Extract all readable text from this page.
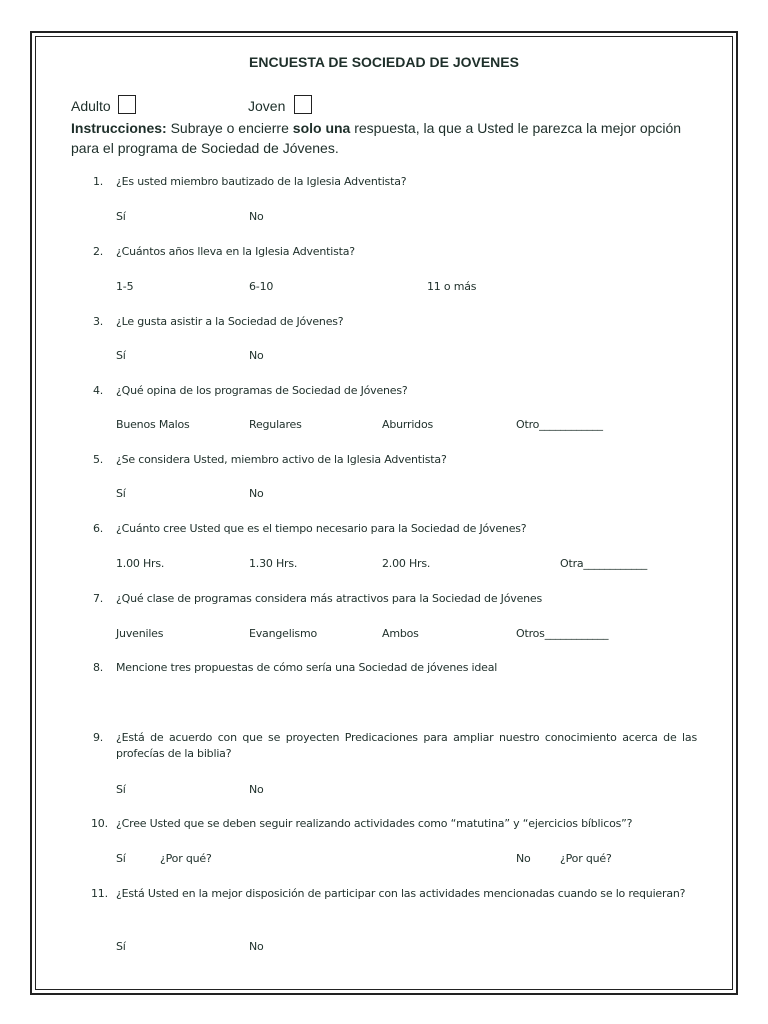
ENCUESTA DE SOCIEDAD DE JOVENES
Adulto	Joven
Instrucciones: Subraye o encierre solo una respuesta, la que a Usted le parezca la mejor opción para el programa de Sociedad de Jóvenes.
1. ¿Es usted miembro bautizado de la Iglesia Adventista?
Sí	No
2. ¿Cuántos años lleva en la Iglesia Adventista?
1-5	6-10	11 o más
3. ¿Le gusta asistir a la Sociedad de Jóvenes?
Sí	No
4. ¿Qué opina de los programas de Sociedad de Jóvenes?
Buenos Malos	Regulares	Aburridos	Otro____________
5. ¿Se considera Usted, miembro activo de la Iglesia Adventista?
Sí	No
6. ¿Cuánto cree Usted que es el tiempo necesario para la Sociedad de Jóvenes?
1.00 Hrs.	1.30 Hrs.	2.00 Hrs.	Otra____________
7. ¿Qué clase de programas considera más atractivos para la Sociedad de Jóvenes
Juveniles	Evangelismo	Ambos	Otros____________
8. Mencione tres propuestas de cómo sería una Sociedad de jóvenes ideal
9. ¿Está de acuerdo con que se proyecten Predicaciones para ampliar nuestro conocimiento acerca de las profecías de la biblia?
Sí	No
10. ¿Cree Usted que se deben seguir realizando actividades como “matutina” y “ejercicios bíblicos”?
Sí	¿Por qué?	No	¿Por qué?
11. ¿Está Usted en la mejor disposición de participar con las actividades mencionadas cuando se lo requieran?
Sí	No
